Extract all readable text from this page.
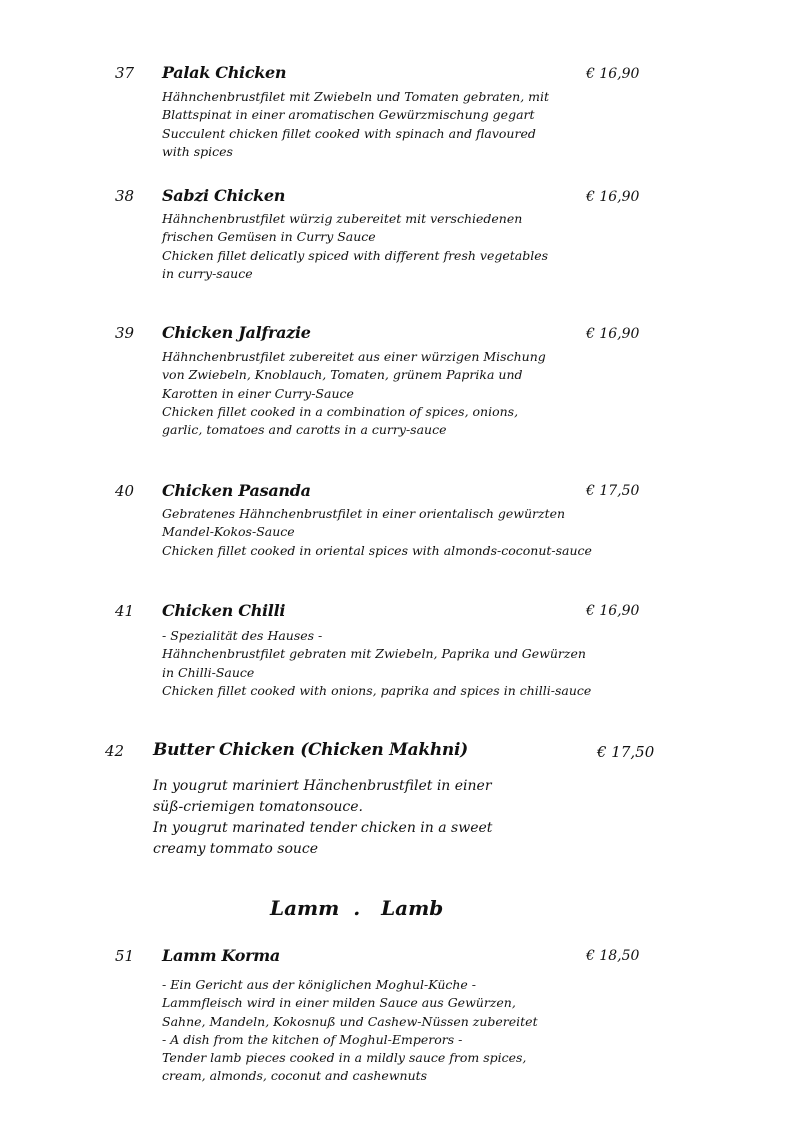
37 Palak Chicken	€ 16,90
Hähnchenbrustfilet mit Zwiebeln und Tomaten gebraten, mit
Blattspinat in einer aromatischen Gewürzmischung gegart
Succulent chicken fillet cooked with spinach and flavoured
with spices
38 Sabzi Chicken	€ 16,90
Hähnchenbrustfilet würzig zubereitet mit verschiedenen
frischen Gemüsen in Curry Sauce
Chicken fillet delicatly spiced with different fresh vegetables
in curry-sauce
39 Chicken Jalfrazie	€ 16,90
Hähnchenbrustfilet zubereitet aus einer würzigen Mischung
von Zwiebeln, Knoblauch, Tomaten, grünem Paprika und
Karotten in einer Curry-Sauce
Chicken fillet cooked in a combination of spices, onions,
garlic, tomatoes and carotts in a curry-sauce
40 Chicken Pasanda	€ 17,50
Gebratenes Hähnchenbrustfilet in einer orientalisch gewürzten
Mandel-Kokos-Sauce
Chicken fillet cooked in oriental spices with almonds-coconut-sauce
41 Chicken Chilli	€ 16,90
- Spezialität des Hauses -
Hähnchenbrustfilet gebraten mit Zwiebeln, Paprika und Gewürzen
in Chilli-Sauce
Chicken fillet cooked with onions, paprika and spices in chilli-sauce
42 Butter Chicken (Chicken Makhni)	€ 17,50
In yougrut mariniert Hänchenbrustfilet in einer
süß-criemigen tomatonsouce.
In yougrut marinated tender chicken in a sweet
creamy tommato souce
Lamm  .   Lamb
51 Lamm Korma	€ 18,50
- Ein Gericht aus der königlichen Moghul-Küche -
Lammfleisch wird in einer milden Sauce aus Gewürzen,
Sahne, Mandeln, Kokosnuß und Cashew-Nüssen zubereitet
- A dish from the kitchen of Moghul-Emperors -
Tender lamb pieces cooked in a mildly sauce from spices,
cream, almonds, coconut and cashewnuts
